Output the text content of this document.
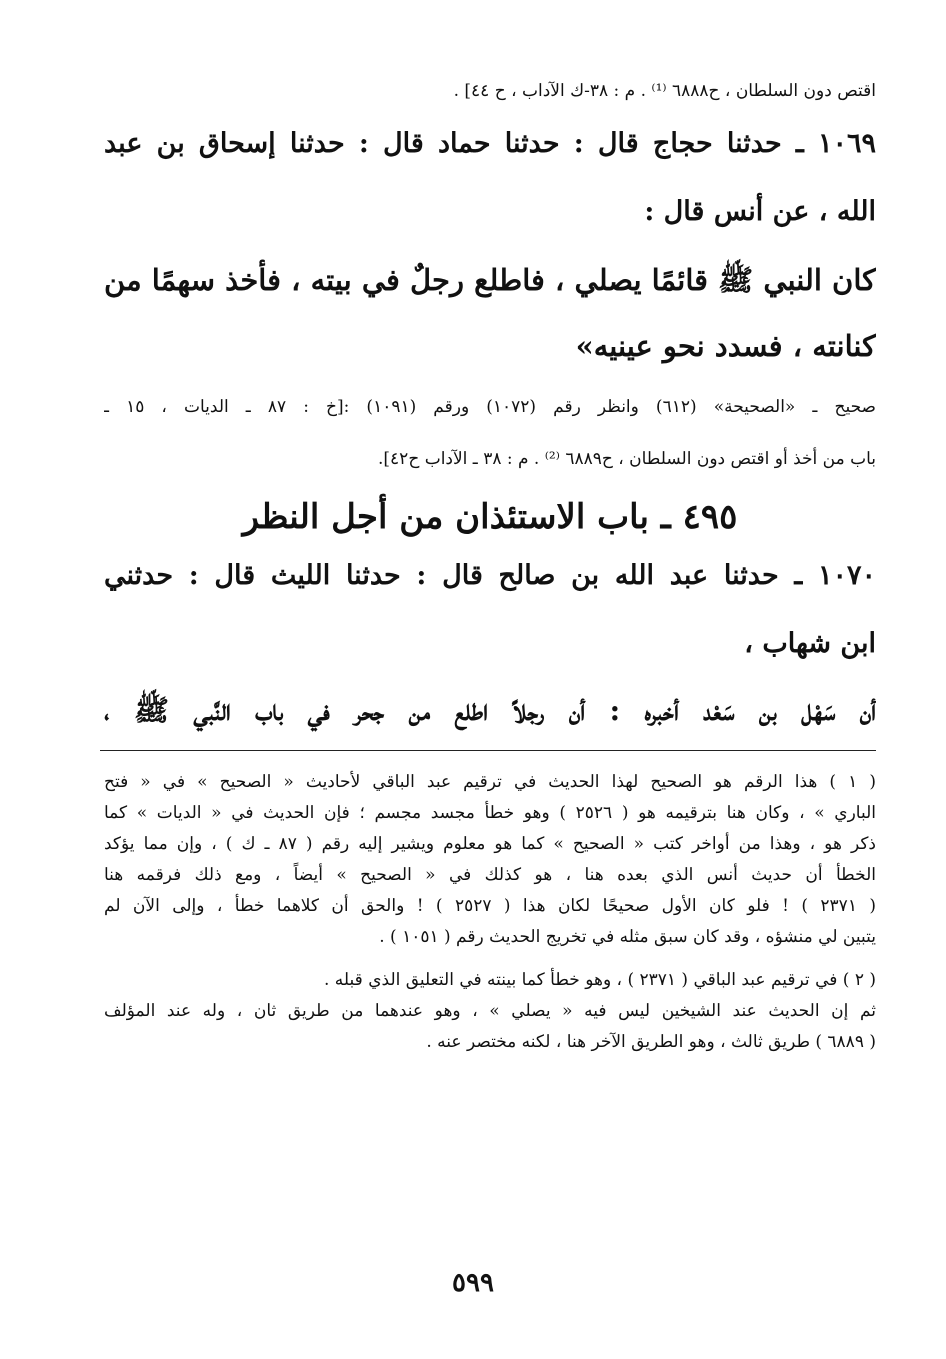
اقتص دون السلطان ، ح٦٨٨٨ ⁽¹⁾ . م : ٣٨-ك الآداب ، ح ٤٤] .
١٠٦٩ ـ حدثنا حجاج قال : حدثنا حماد قال : حدثنا إسحاق بن عبد
الله ، عن أنس قال :
كان النبي ﷺ قائمًا يصلي ، فاطلع رجلٌ في بيته ، فأخذ سهمًا من
كنانته ، فسدد نحو عينيه»
صحيح ـ «الصحيحة» (٦١٢) وانظر رقم (١٠٧٢) ورقم (١٠٩١) :[خ : ٨٧ ـ الديات ، ١٥ ـ
باب من أخذ أو اقتص دون السلطان ، ح٦٨٨٩ ⁽²⁾ . م : ٣٨ ـ الآداب ح٤٢].
٤٩٥ ـ باب الاستئذان من أجل النظر
١٠٧٠ ـ حدثنا عبد الله بن صالح قال : حدثنا الليث قال : حدثني
ابن شهاب ،
أن سَهْل بن سَعْد أخبره : أن رجلاً اطلع من جحر في باب النَّبي ﷺ ،
( ١ ) هذا الرقم هو الصحيح لهذا الحديث في ترقيم عبد الباقي لأحاديث « الصحيح » في « فتح
الباري » ، وكان هنا بترقيمه هو ( ٢٥٢٦ ) وهو خطأ مجسد مجسم ؛ فإن الحديث في « الديات » كما
ذكر هو ، وهذا من أواخر كتب « الصحيح » كما هو معلوم ويشير إليه رقم ( ٨٧ ـ ك ) ، وإن مما يؤكد
الخطأ أن حديث أنس الذي بعده هنا ، هو كذلك في « الصحيح » أيضاً ، ومع ذلك فرقمه هنا
( ٢٣٧١ ) ! فلو كان الأول صحيحًا لكان هذا ( ٢٥٢٧ ) ! والحق أن كلاهما خطأ ، وإلى الآن لم
يتبين لي منشؤه ، وقد كان سبق مثله في تخريج الحديث رقم ( ١٠٥١ ) .
( ٢ ) في ترقيم عبد الباقي ( ٢٣٧١ ) ، وهو خطأ كما بينته في التعليق الذي قبله .
ثم إن الحديث عند الشيخين ليس فيه « يصلي » ، وهو عندهما من طريق ثان ، وله عند المؤلف
( ٦٨٨٩ ) طريق ثالث ، وهو الطريق الآخر هنا ، لكنه مختصر عنه .
٥٩٩
